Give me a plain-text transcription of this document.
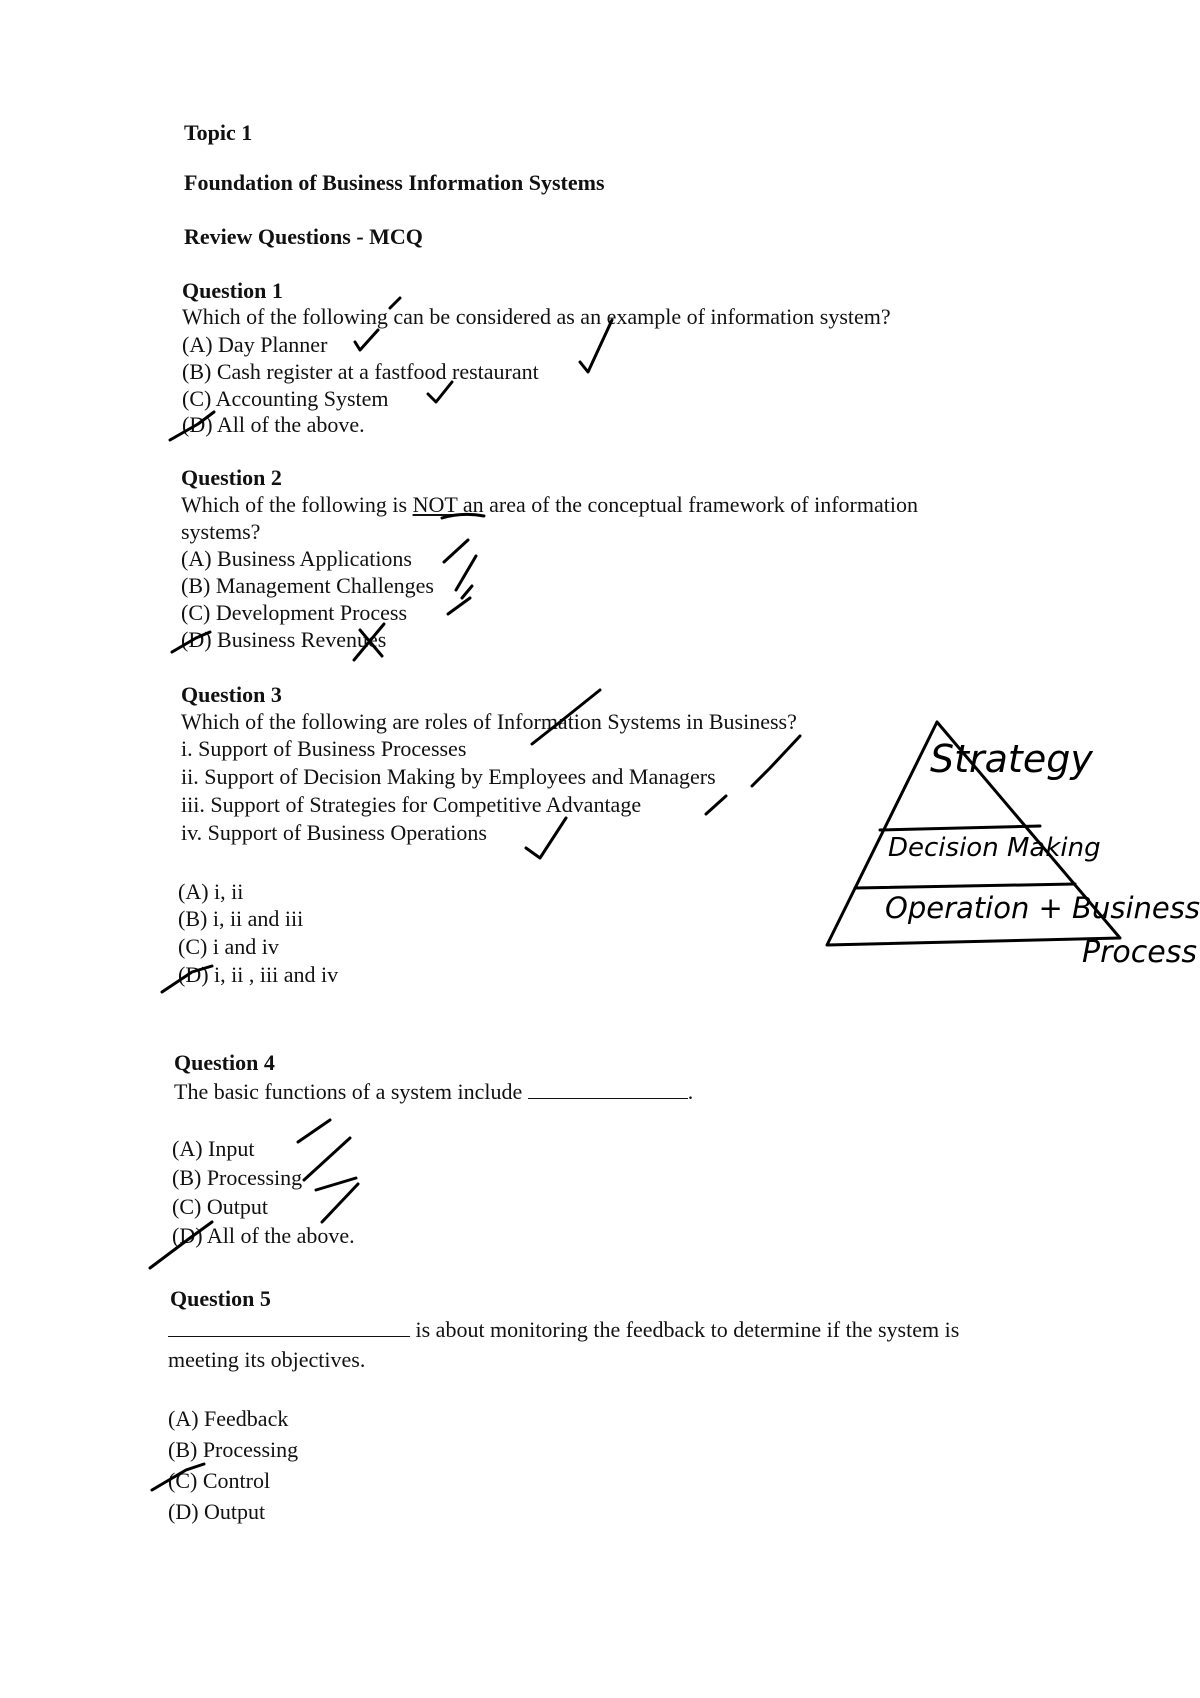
Topic 1
Foundation of Business Information Systems
Review Questions - MCQ
Question 1
Which of the following can be considered as an example of information system?
(A) Day Planner
(B) Cash register at a fastfood restaurant
(C) Accounting System
(D) All of the above.
Question 2
Which of the following is NOT an area of the conceptual framework of information
systems?
(A) Business Applications
(B) Management Challenges
(C) Development Process
(D) Business Revenues
Question 3
Which of the following are roles of Information Systems in Business?
i. Support of Business Processes
ii. Support of Decision Making by Employees and Managers
iii. Support of Strategies for Competitive Advantage
iv. Support of Business Operations
(A) i, ii
(B) i, ii and iii
(C) i and iv
(D) i, ii , iii and iv
Question 4
The basic functions of a system include	.
(A) Input
(B) Processing
(C) Output
(D) All of the above.
Question 5
is about monitoring the feedback to determine if the system is
meeting its objectives.
(A) Feedback
(B) Processing
(C) Control
(D) Output
Strategy
Decision Making
Operation + Business
Process
